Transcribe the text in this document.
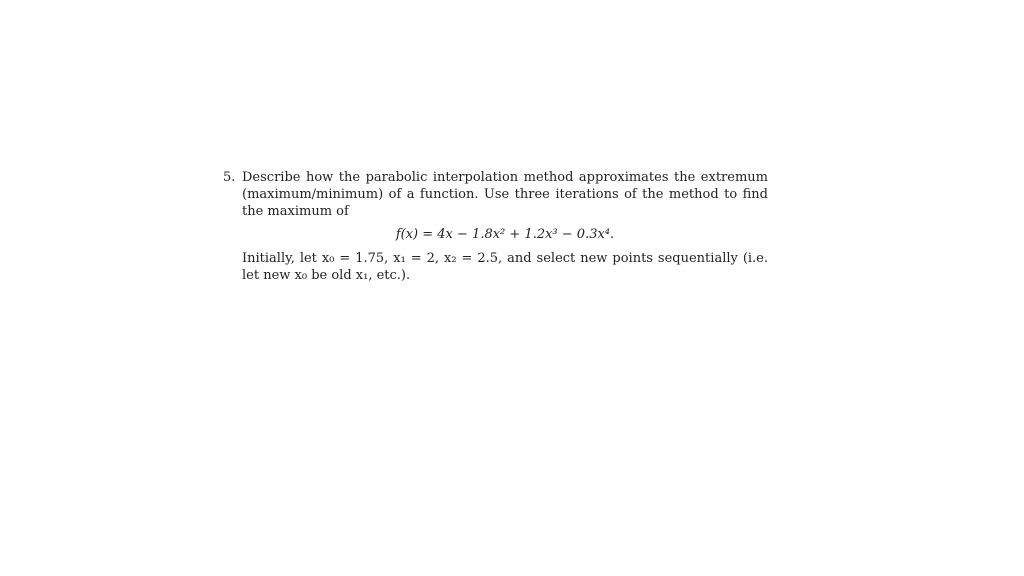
5. Describe how the parabolic interpolation method approximates the extremum (maximum/minimum) of a function. Use three iterations of the method to find the maximum of
f(x) = 4x − 1.8x² + 1.2x³ − 0.3x⁴.
Initially, let x₀ = 1.75, x₁ = 2, x₂ = 2.5, and select new points sequentially (i.e. let new x₀ be old x₁, etc.).
